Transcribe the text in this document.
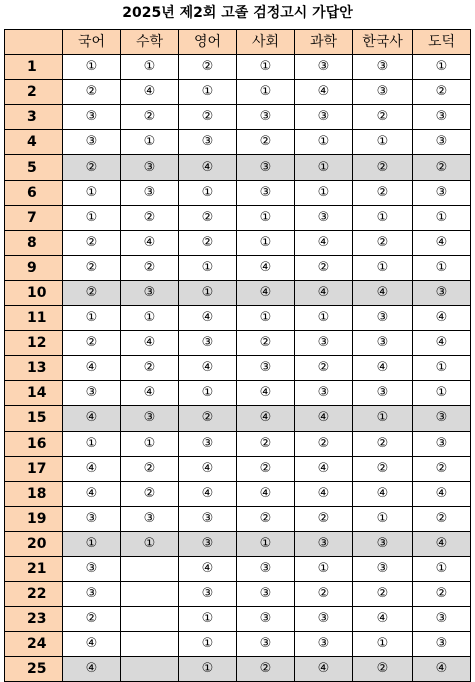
2025년 제2회 고졸 검정고시 가답안
	국어	수학	영어	사회	과학	한국사	도덕
1	①	①	②	①	③	③	①
2	②	④	①	①	④	③	②
3	③	②	②	③	③	②	③
4	③	①	③	②	①	①	③
5	②	③	④	③	①	②	②
6	①	③	①	③	①	②	③
7	①	②	②	①	③	①	①
8	②	④	②	①	④	②	④
9	②	②	①	④	②	①	①
10	②	③	①	④	④	④	③
11	①	①	④	①	①	③	④
12	②	④	③	②	③	③	④
13	④	②	④	③	②	④	①
14	③	④	①	④	③	③	①
15	④	③	②	④	④	①	③
16	①	①	③	②	②	②	③
17	④	②	④	②	④	②	②
18	④	②	④	④	④	④	④
19	③	③	③	②	②	①	②
20	①	①	③	①	③	③	④
21	③		④	③	①	③	①
22	③		③	③	②	②	②
23	②		①	③	③	④	③
24	④		①	③	③	①	③
25	④		①	②	④	②	④
